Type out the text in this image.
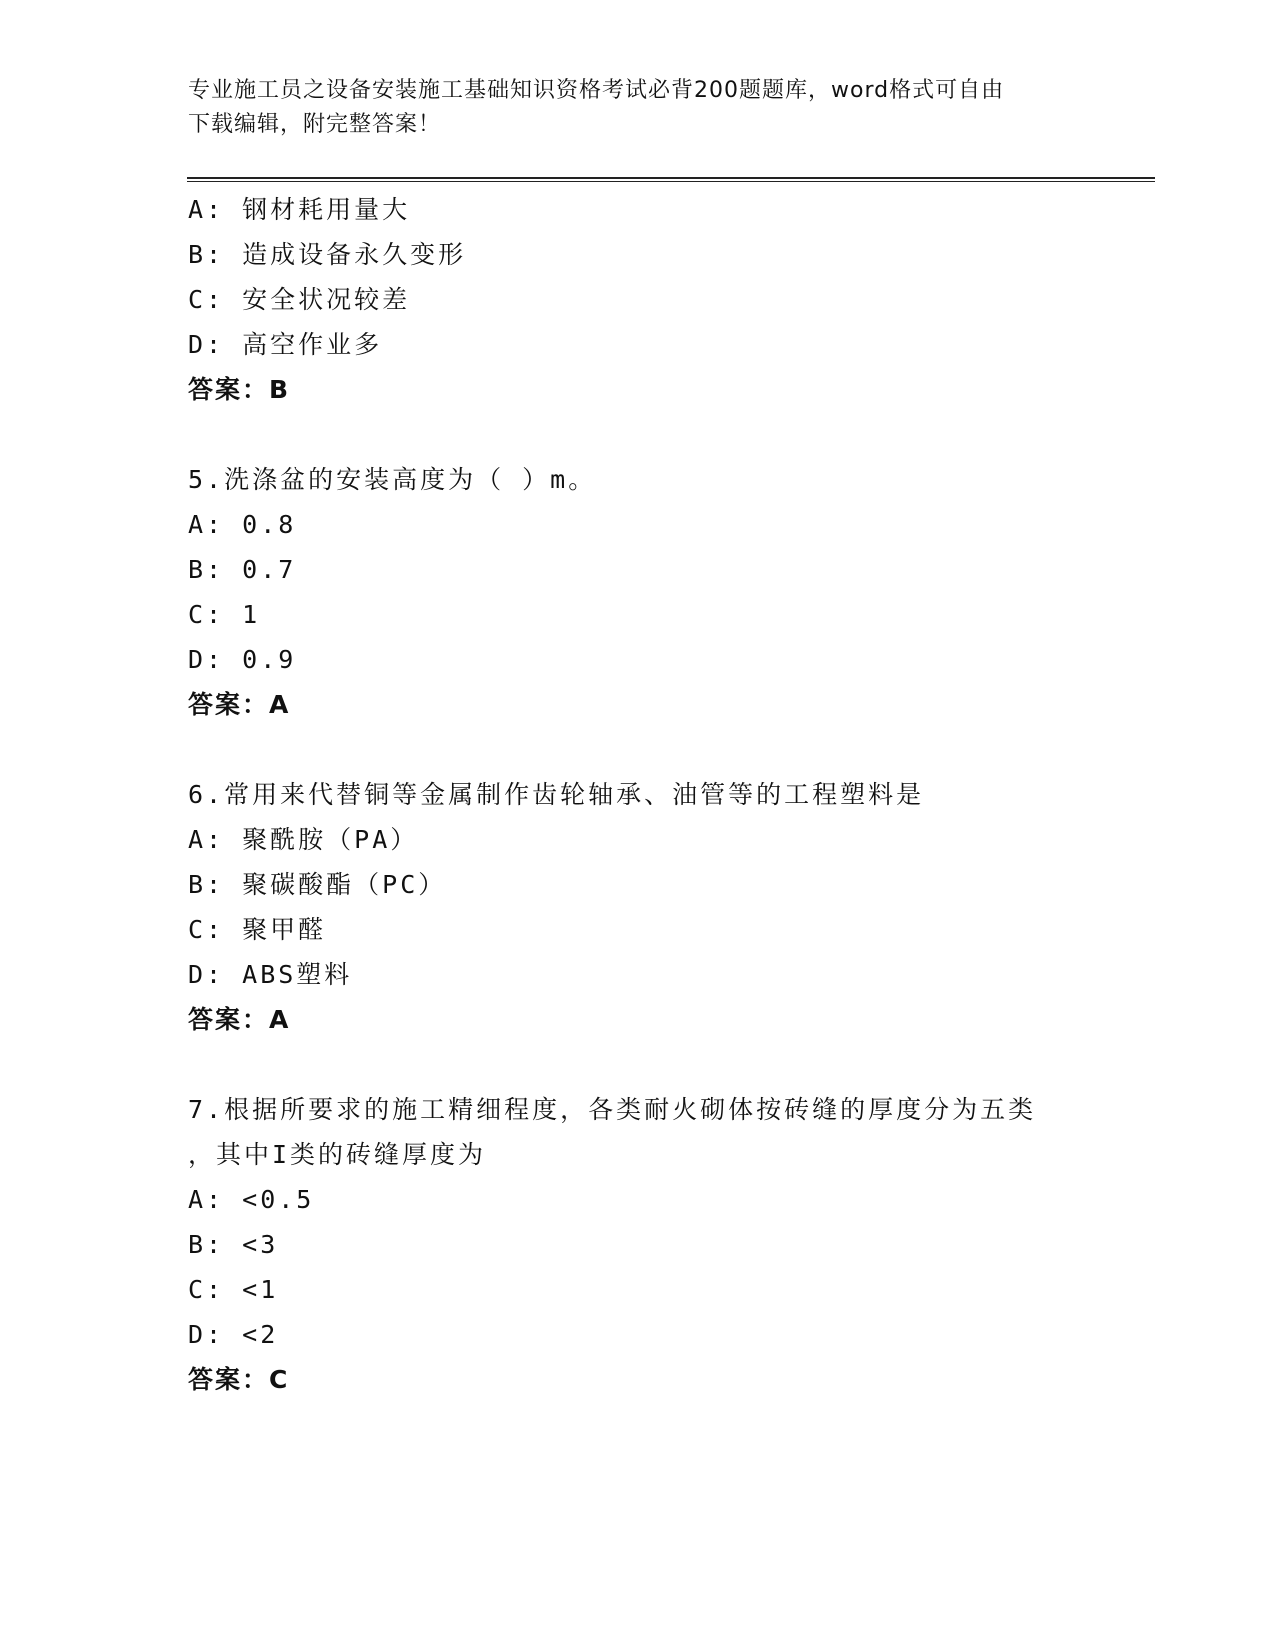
专业施工员之设备安装施工基础知识资格考试必背200题题库，word格式可自由
下载编辑，附完整答案！

A: 钢材耗用量大

B: 造成设备永久变形

C: 安全状况较差

D: 高空作业多

答案：B

5.洗涤盆的安装高度为（ ）m。

A: 0.8

B: 0.7

C: 1

D: 0.9

答案：A

6.常用来代替铜等金属制作齿轮轴承、油管等的工程塑料是

A: 聚酰胺（PA）

B: 聚碳酸酯（PC）

C: 聚甲醛

D: ABS塑料

答案：A

7.根据所要求的施工精细程度，各类耐火砌体按砖缝的厚度分为五类

，其中I类的砖缝厚度为

A: <0.5

B: <3

C: <1

D: <2

答案：C
